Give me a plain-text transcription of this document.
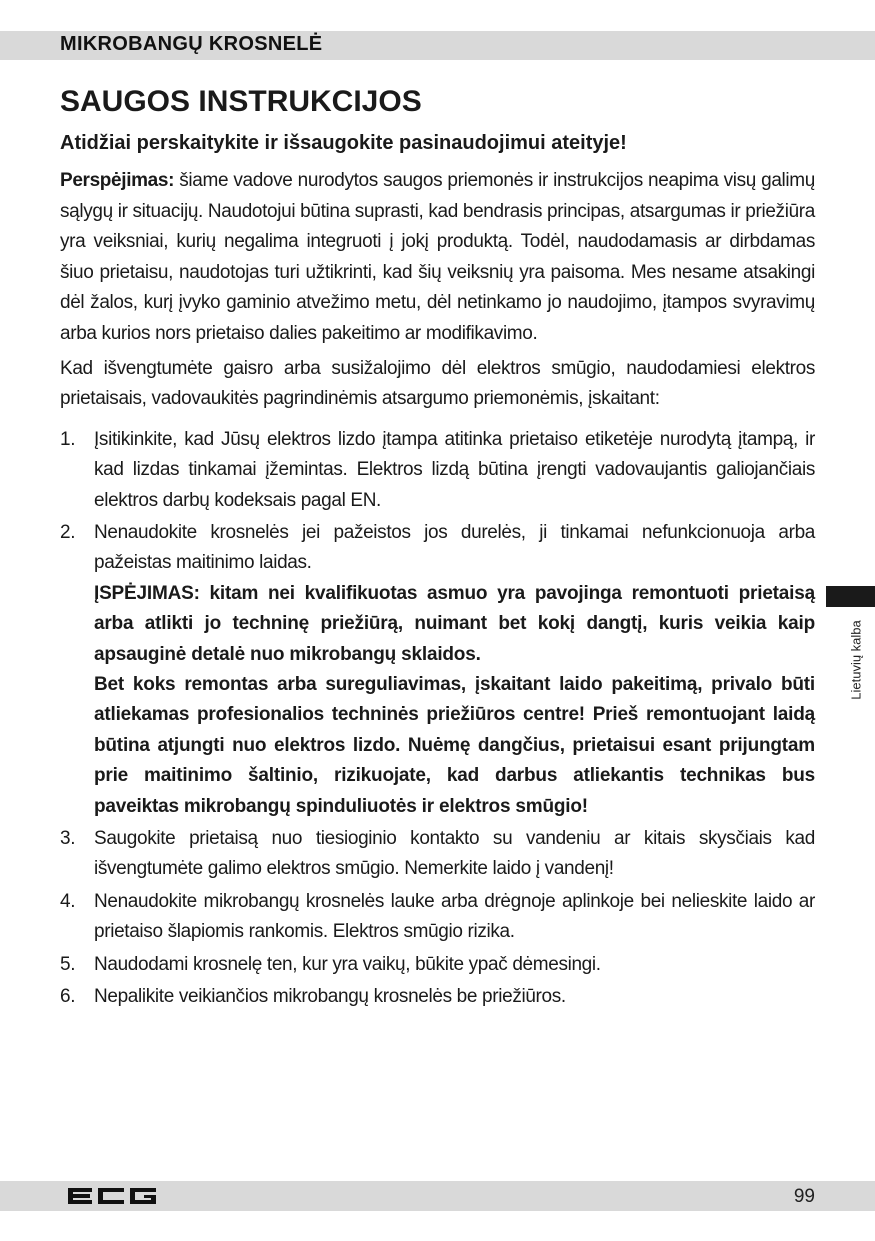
MIKROBANGŲ KROSNELĖ
SAUGOS INSTRUKCIJOS
Atidžiai perskaitykite ir išsaugokite pasinaudojimui ateityje!

Perspėjimas: šiame vadove nurodytos saugos priemonės ir instrukcijos neapima visų galimų sąlygų ir situacijų. Naudotojui būtina suprasti, kad bendrasis principas, atsargumas ir priežiūra yra veiksniai, kurių negalima integruoti į jokį produktą. Todėl, naudodamasis ar dirbdamas šiuo prietaisu, naudotojas turi užtikrinti, kad šių veiksnių yra paisoma. Mes nesame atsakingi dėl žalos, kurį įvyko gaminio atvežimo metu, dėl netinkamo jo naudojimo, įtampos svyravimų arba kurios nors prietaiso dalies pakeitimo ar modifikavimo.

Kad išvengtumėte gaisro arba susižalojimo dėl elektros smūgio, naudodamiesi elektros prietaisais, vadovaukitės pagrindinėmis atsargumo priemonėmis, įskaitant:

1. Įsitikinkite, kad Jūsų elektros lizdo įtampa atitinka prietaiso etiketėje nurodytą įtampą, ir kad lizdas tinkamai įžemintas. Elektros lizdą būtina įrengti vadovaujantis galiojančiais elektros darbų kodeksais pagal EN.
2. Nenaudokite krosnelės jei pažeistos jos durelės, ji tinkamai nefunkcionuoja arba pažeistas maitinimo laidas.
ĮSPĖJIMAS: kitam nei kvalifikuotas asmuo yra pavojinga remontuoti prietaisą arba atlikti jo techninę priežiūrą, nuimant bet kokį dangtį, kuris veikia kaip apsauginė detalė nuo mikrobangų sklaidos.
Bet koks remontas arba sureguliavimas, įskaitant laido pakeitimą, privalo būti atliekamas profesionalios techninės priežiūros centre! Prieš remontuojant laidą būtina atjungti nuo elektros lizdo. Nuėmę dangčius, prietaisui esant prijungtam prie maitinimo šaltinio, rizikuojate, kad darbus atliekantis technikas bus paveiktas mikrobangų spinduliuotės ir elektros smūgio!
3. Saugokite prietaisą nuo tiesioginio kontakto su vandeniu ar kitais skysčiais kad išvengtumėte galimo elektros smūgio. Nemerkite laido į vandenį!
4. Nenaudokite mikrobangų krosnelės lauke arba drėgnoje aplinkoje bei nelieskite laido ar prietaiso šlapiomis rankomis. Elektros smūgio rizika.
5. Naudodami krosnelę ten, kur yra vaikų, būkite ypač dėmesingi.
6. Nepalikite veikiančios mikrobangų krosnelės be priežiūros.
Lietuvių kalba
99
